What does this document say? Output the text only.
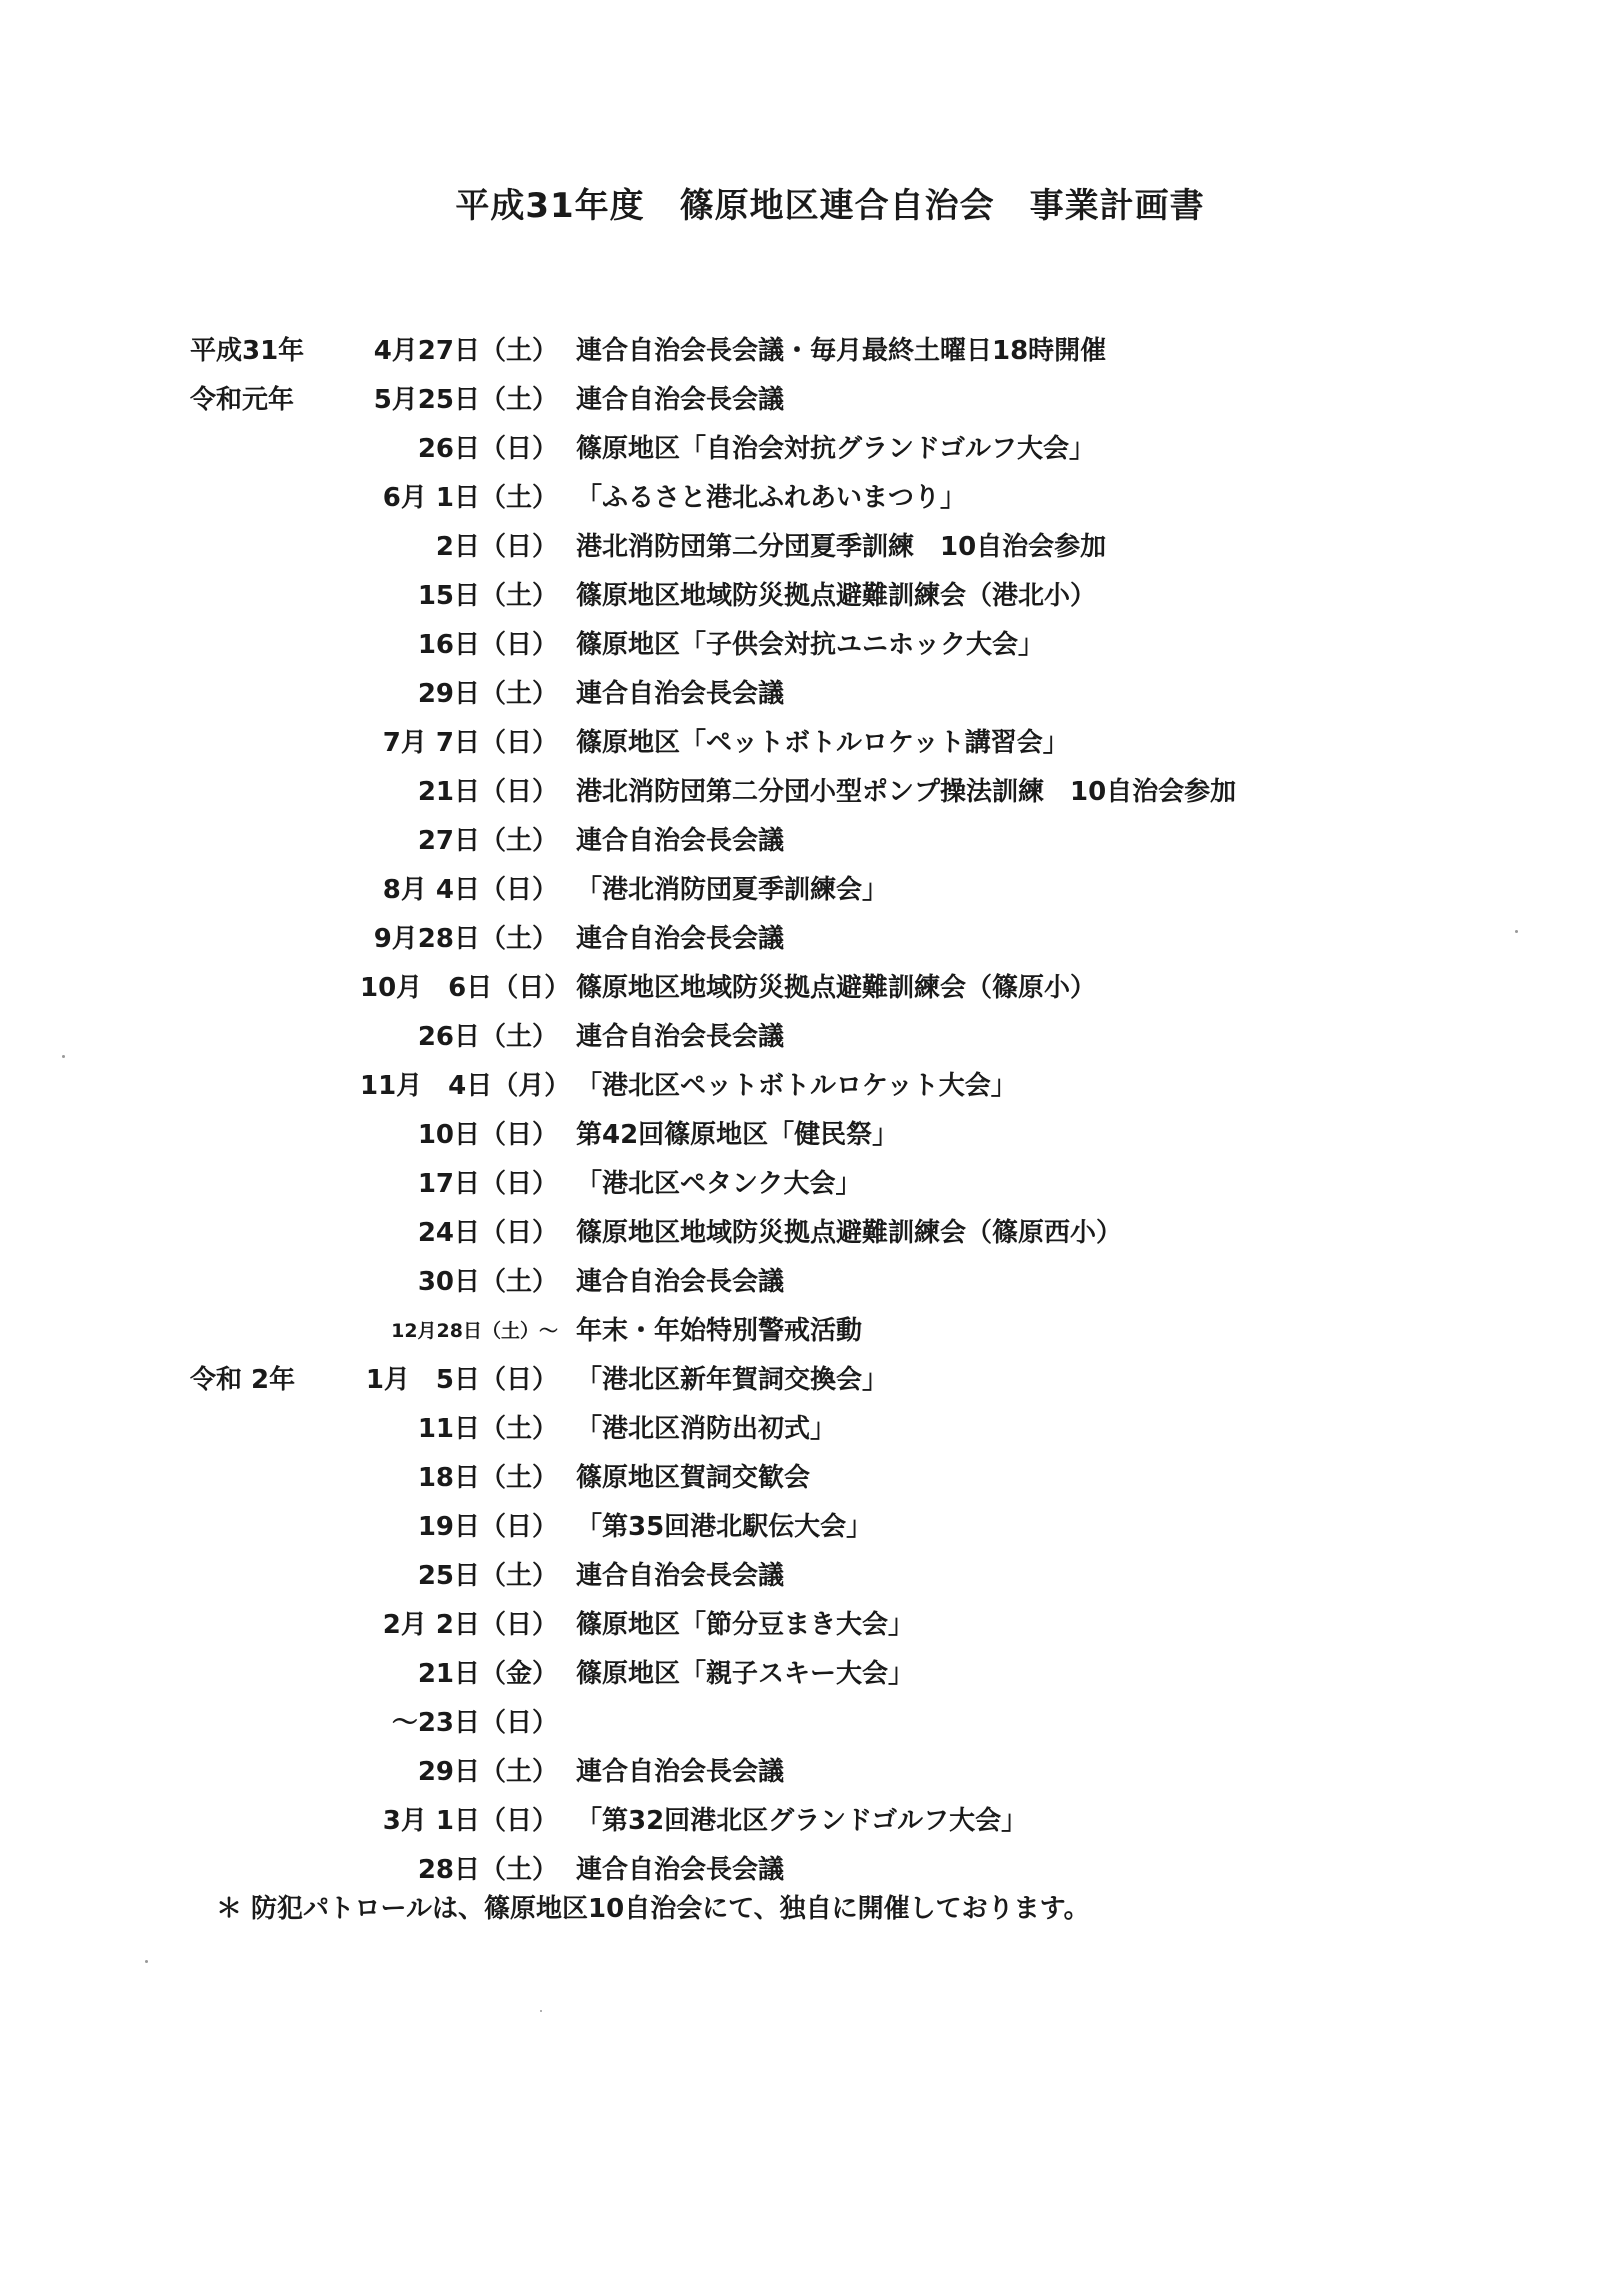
平成31年度　篠原地区連合自治会　事業計画書
平成31年	4月27日（土） 連合自治会長会議・毎月最終土曜日18時開催
令和元年	5月25日（土） 連合自治会長会議
26日（日） 篠原地区「自治会対抗グランドゴルフ大会」
6月 1日（土） 「ふるさと港北ふれあいまつり」
2日（日） 港北消防団第二分団夏季訓練　10自治会参加
15日（土） 篠原地区地域防災拠点避難訓練会（港北小）
16日（日） 篠原地区「子供会対抗ユニホック大会」
29日（土） 連合自治会長会議
7月 7日（日） 篠原地区「ペットボトルロケット講習会」
21日（日） 港北消防団第二分団小型ポンプ操法訓練　10自治会参加
27日（土） 連合自治会長会議
8月 4日（日） 「港北消防団夏季訓練会」
9月28日（土） 連合自治会長会議
10月　6日（日） 篠原地区地域防災拠点避難訓練会（篠原小）
26日（土） 連合自治会長会議
11月　4日（月） 「港北区ペットボトルロケット大会」
10日（日） 第42回篠原地区「健民祭」
17日（日） 「港北区ペタンク大会」
24日（日） 篠原地区地域防災拠点避難訓練会（篠原西小）
30日（土） 連合自治会長会議
12月28日（土）～ 年末・年始特別警戒活動
令和 2年	1月　5日（日） 「港北区新年賀詞交換会」
11日（土） 「港北区消防出初式」
18日（土） 篠原地区賀詞交歓会
19日（日） 「第35回港北駅伝大会」
25日（土） 連合自治会長会議
2月 2日（日） 篠原地区「節分豆まき大会」
21日（金） 篠原地区「親子スキー大会」
～23日（日）
29日（土） 連合自治会長会議
3月 1日（日） 「第32回港北区グランドゴルフ大会」
28日（土） 連合自治会長会議
＊ 防犯パトロールは、篠原地区10自治会にて、独自に開催しております。
